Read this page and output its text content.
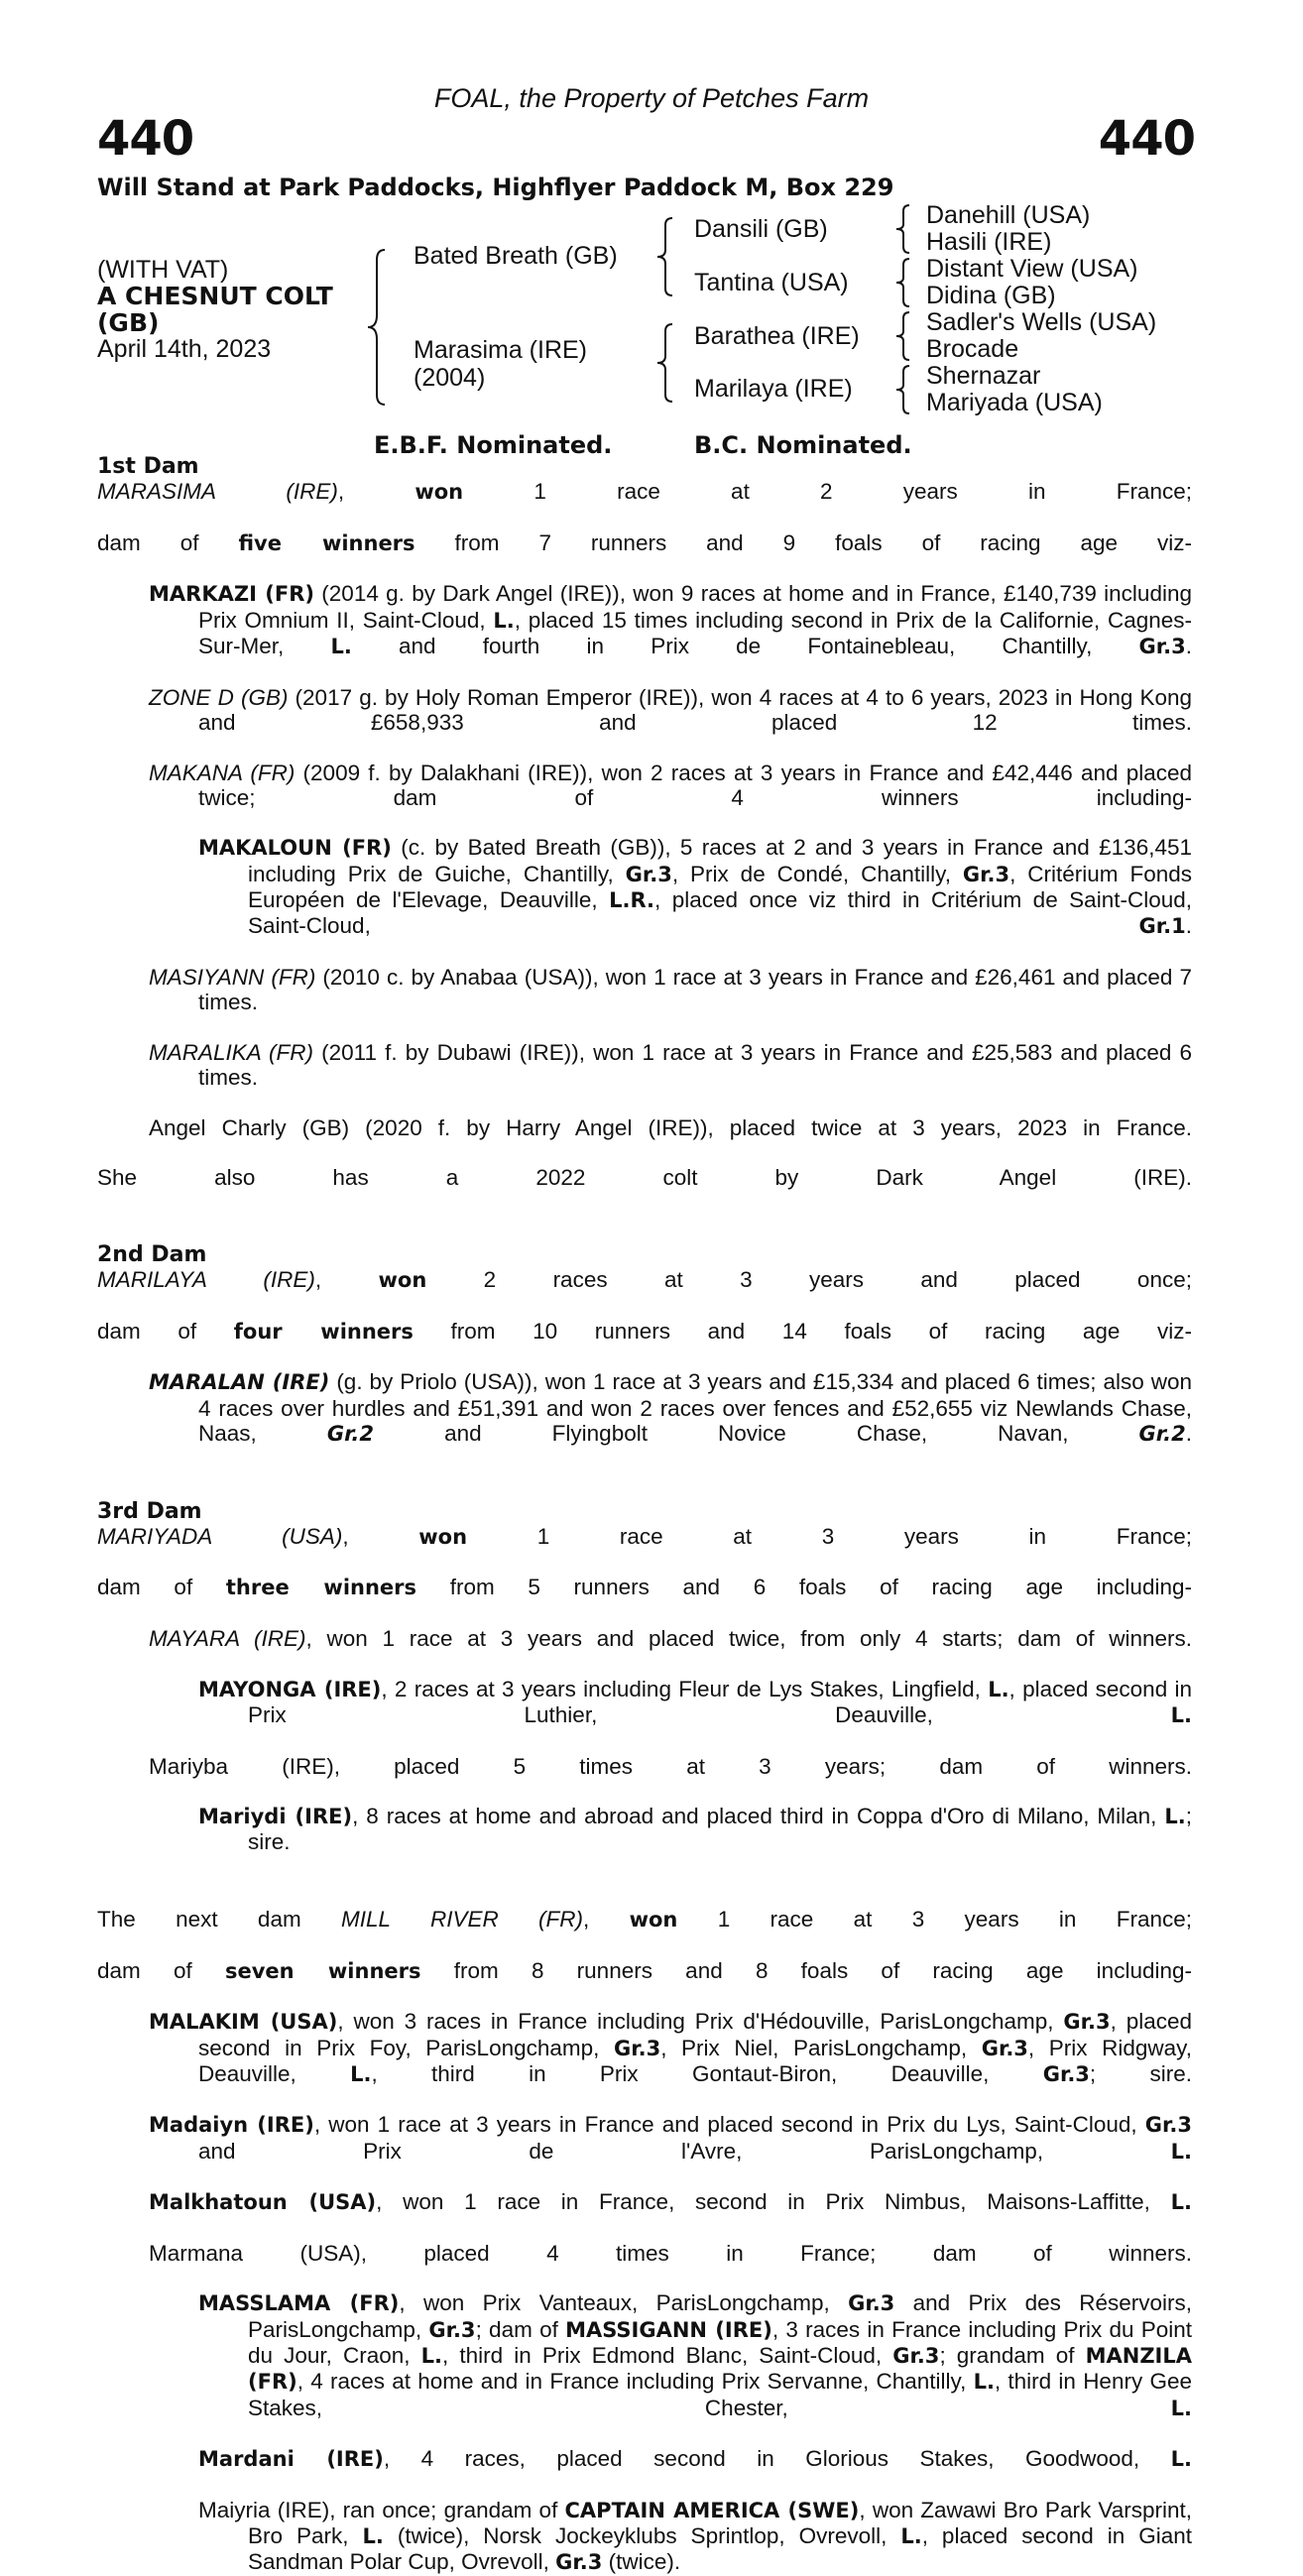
440
FOAL, the Property of Petches Farm
440
Will Stand at Park Paddocks, Highflyer Paddock M, Box 229
(WITH VAT)
A CHESNUT COLT
(GB)
April 14th, 2023
Bated Breath (GB)
Marasima (IRE)
(2004)
Dansili (GB)
Tantina (USA)
Barathea (IRE)
Marilaya (IRE)
Danehill (USA)
Hasili (IRE)
Distant View (USA)
Didina (GB)
Sadler's Wells (USA)
Brocade
Shernazar
Mariyada (USA)
E.B.F. Nominated.	B.C. Nominated.
1st Dam
MARASIMA (IRE), won 1 race at 2 years in France;
dam of five winners from 7 runners and 9 foals of racing age viz-
MARKAZI (FR) (2014 g. by Dark Angel (IRE)), won 9 races at home and in France, £140,739 including Prix Omnium II, Saint-Cloud, L., placed 15 times including second in Prix de la Californie, Cagnes-Sur-Mer, L. and fourth in Prix de Fontainebleau, Chantilly, Gr.3.
ZONE D (GB) (2017 g. by Holy Roman Emperor (IRE)), won 4 races at 4 to 6 years, 2023 in Hong Kong and £658,933 and placed 12 times.
MAKANA (FR) (2009 f. by Dalakhani (IRE)), won 2 races at 3 years in France and £42,446 and placed twice; dam of 4 winners including-
MAKALOUN (FR) (c. by Bated Breath (GB)), 5 races at 2 and 3 years in France and £136,451 including Prix de Guiche, Chantilly, Gr.3, Prix de Condé, Chantilly, Gr.3, Critérium Fonds Européen de l'Elevage, Deauville, L.R., placed once viz third in Critérium de Saint-Cloud, Saint-Cloud, Gr.1.
MASIYANN (FR) (2010 c. by Anabaa (USA)), won 1 race at 3 years in France and £26,461 and placed 7 times.
MARALIKA (FR) (2011 f. by Dubawi (IRE)), won 1 race at 3 years in France and £25,583 and placed 6 times.
Angel Charly (GB) (2020 f. by Harry Angel (IRE)), placed twice at 3 years, 2023 in France.
She also has a 2022 colt by Dark Angel (IRE).
2nd Dam
MARILAYA (IRE), won 2 races at 3 years and placed once;
dam of four winners from 10 runners and 14 foals of racing age viz-
MARALAN (IRE) (g. by Priolo (USA)), won 1 race at 3 years and £15,334 and placed 6 times; also won 4 races over hurdles and £51,391 and won 2 races over fences and £52,655 viz Newlands Chase, Naas, Gr.2 and Flyingbolt Novice Chase, Navan, Gr.2.
3rd Dam
MARIYADA (USA), won 1 race at 3 years in France;
dam of three winners from 5 runners and 6 foals of racing age including-
MAYARA (IRE), won 1 race at 3 years and placed twice, from only 4 starts; dam of winners.
MAYONGA (IRE), 2 races at 3 years including Fleur de Lys Stakes, Lingfield, L., placed second in Prix Luthier, Deauville, L.
Mariyba (IRE), placed 5 times at 3 years; dam of winners.
Mariydi (IRE), 8 races at home and abroad and placed third in Coppa d'Oro di Milano, Milan, L.; sire.
The next dam MILL RIVER (FR), won 1 race at 3 years in France;
dam of seven winners from 8 runners and 8 foals of racing age including-
MALAKIM (USA), won 3 races in France including Prix d'Hédouville, ParisLongchamp, Gr.3, placed second in Prix Foy, ParisLongchamp, Gr.3, Prix Niel, ParisLongchamp, Gr.3, Prix Ridgway, Deauville, L., third in Prix Gontaut-Biron, Deauville, Gr.3; sire.
Madaiyn (IRE), won 1 race at 3 years in France and placed second in Prix du Lys, Saint-Cloud, Gr.3 and Prix de l'Avre, ParisLongchamp, L.
Malkhatoun (USA), won 1 race in France, second in Prix Nimbus, Maisons-Laffitte, L.
Marmana (USA), placed 4 times in France; dam of winners.
MASSLAMA (FR), won Prix Vanteaux, ParisLongchamp, Gr.3 and Prix des Réservoirs, ParisLongchamp, Gr.3; dam of MASSIGANN (IRE), 3 races in France including Prix du Point du Jour, Craon, L., third in Prix Edmond Blanc, Saint-Cloud, Gr.3; grandam of MANZILA (FR), 4 races at home and in France including Prix Servanne, Chantilly, L., third in Henry Gee Stakes, Chester, L.
Mardani (IRE), 4 races, placed second in Glorious Stakes, Goodwood, L.
Maiyria (IRE), ran once; grandam of CAPTAIN AMERICA (SWE), won Zawawi Bro Park Varsprint, Bro Park, L. (twice), Norsk Jockeyklubs Sprintlop, Ovrevoll, L., placed second in Giant Sandman Polar Cup, Ovrevoll, Gr.3 (twice).
